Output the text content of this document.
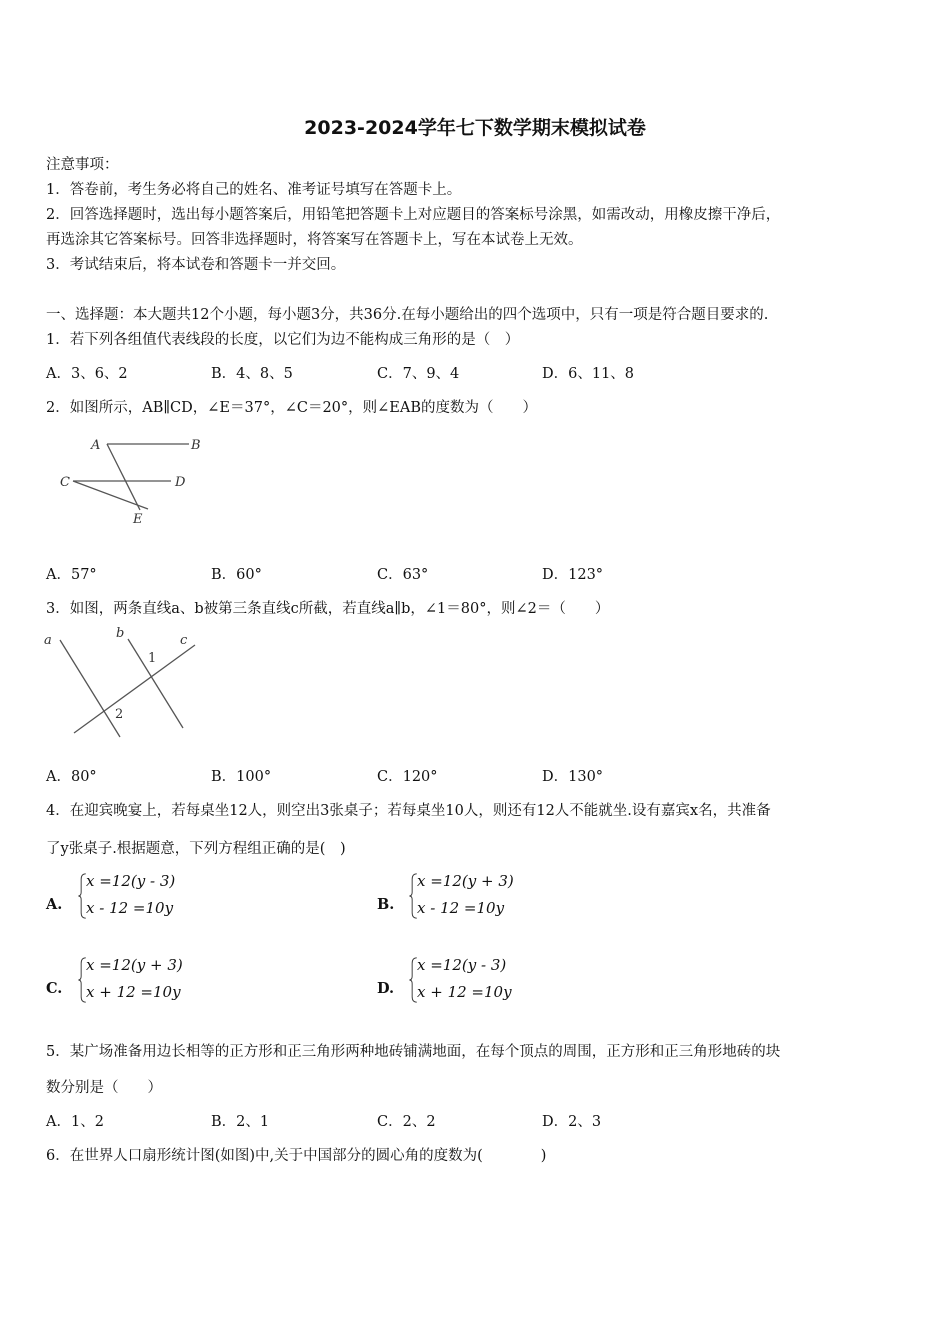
2023-2024学年七下数学期末模拟试卷
注意事项：
1．答卷前，考生务必将自己的姓名、准考证号填写在答题卡上。
2．回答选择题时，选出每小题答案后，用铅笔把答题卡上对应题目的答案标号涂黑，如需改动，用橡皮擦干净后，
再选涂其它答案标号。回答非选择题时，将答案写在答题卡上，写在本试卷上无效。
3．考试结束后，将本试卷和答题卡一并交回。
一、选择题：本大题共12个小题，每小题3分，共36分.在每小题给出的四个选项中，只有一项是符合题目要求的.
1．若下列各组值代表线段的长度，以它们为边不能构成三角形的是（　）
A．3、6、2	B．4、8、5	C．7、9、4	D．6、11、8
2．如图所示，AB∥CD，∠E＝37°，∠C＝20°，则∠EAB的度数为（　　）
A	B
C	D
E
A．57°	B．60°	C．63°	D．123°
3．如图，两条直线a、b被第三条直线c所截，若直线a∥b，∠1＝80°，则∠2＝（　　）
a	b	c
1
2
A．80°	B．100°	C．120°	D．130°
4．在迎宾晚宴上，若每桌坐12人，则空出3张桌子；若每桌坐10人，则还有12人不能就坐.设有嘉宾x名，共准备
了y张桌子.根据题意，下列方程组正确的是(　)
A.
x =12(y - 3)
x - 12 =10y	B.
x =12(y + 3)
x - 12 =10y
C.
x =12(y + 3)
x + 12 =10y	D.
x =12(y - 3)
x + 12 =10y
5．某广场准备用边长相等的正方形和正三角形两种地砖铺满地面，在每个顶点的周围，正方形和正三角形地砖的块
数分别是（　　）
A．1、2	B．2、1	C．2、2	D．2、3
6．在世界人口扇形统计图(如图)中,关于中国部分的圆心角的度数为(　　　　)
